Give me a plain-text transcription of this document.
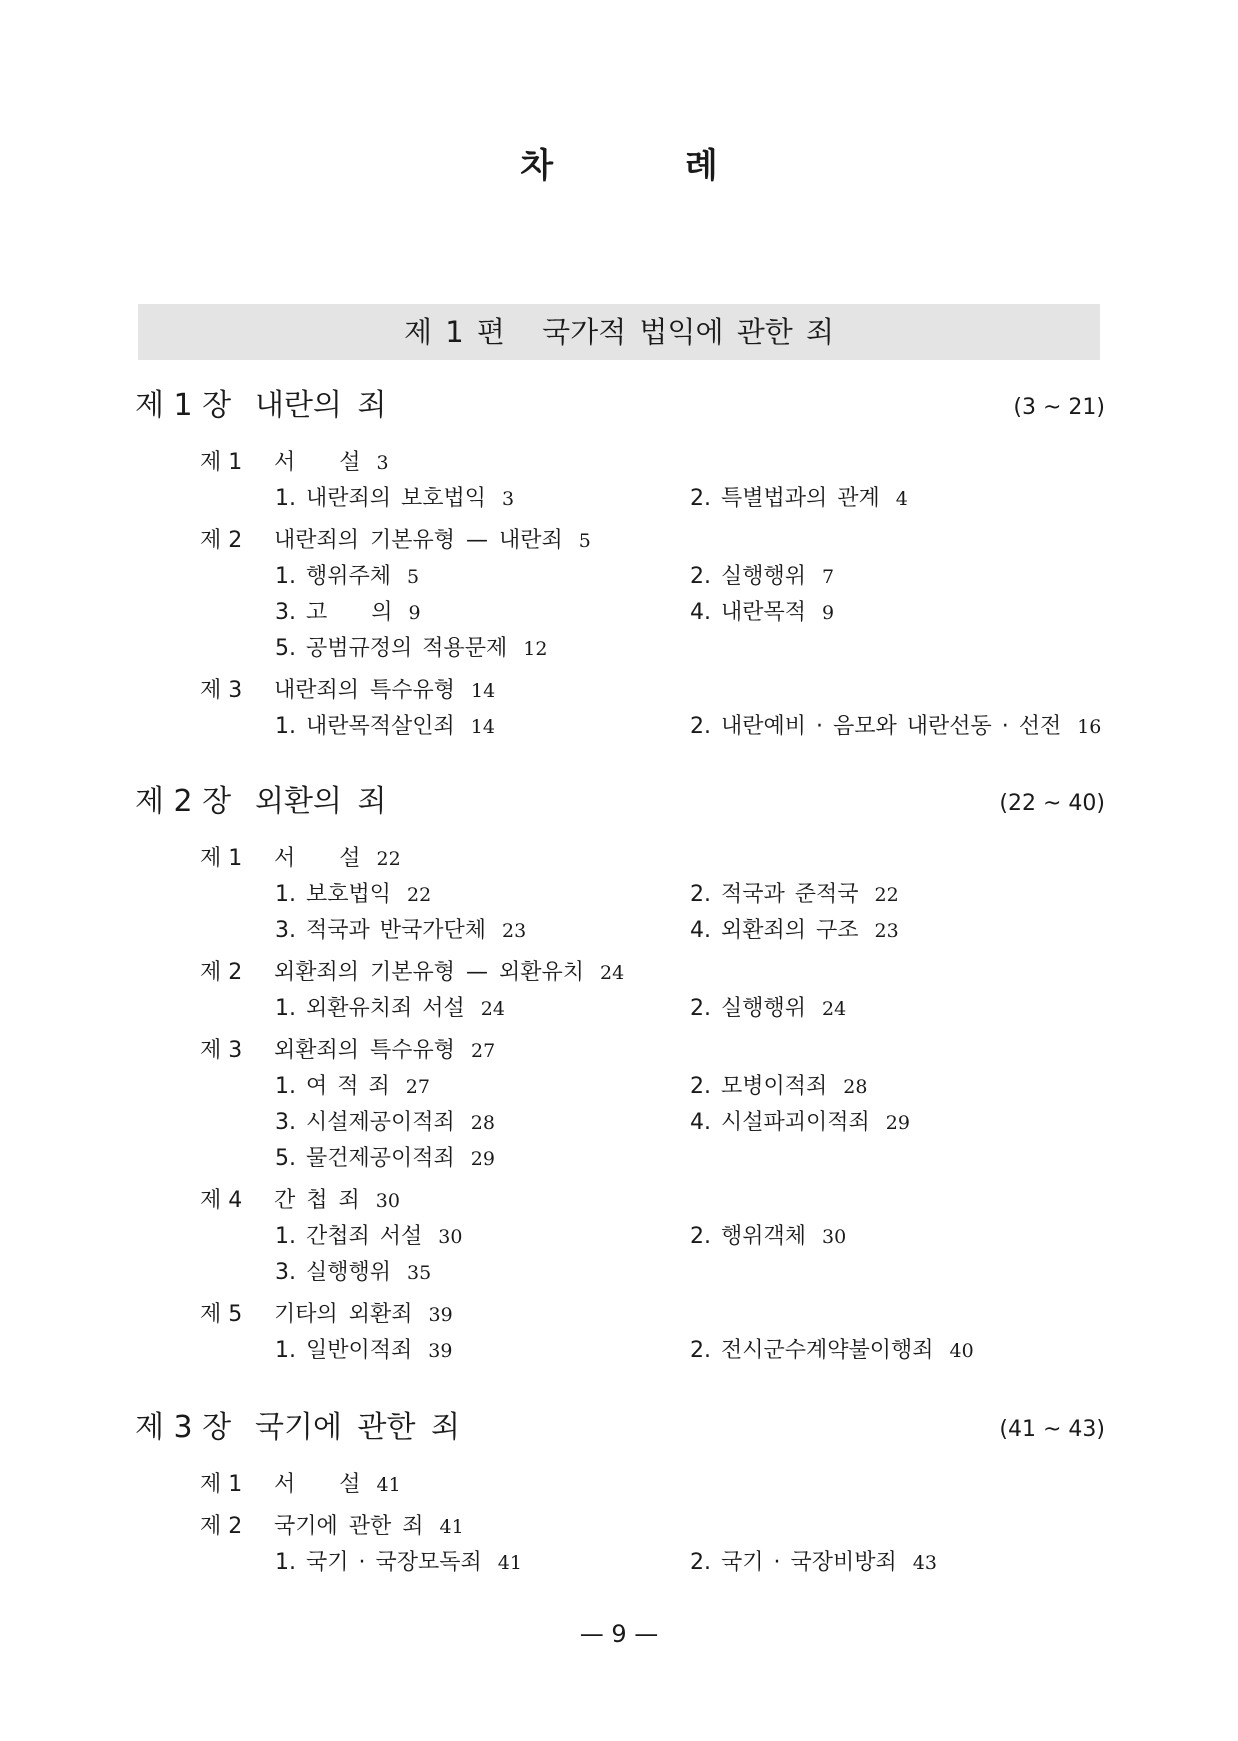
차 례
제 1 편 국가적 법익에 관한 죄
제 1 장 내란의 죄	(3 ~ 21)
제 1	서　　설 3
1. 내란죄의 보호법익 3	2. 특별법과의 관계 4
제 2	내란죄의 기본유형 — 내란죄 5
1. 행위주체 5	2. 실행행위 7
3. 고　　의 9	4. 내란목적 9
5. 공범규정의 적용문제 12
제 3	내란죄의 특수유형 14
1. 내란목적살인죄 14	2. 내란예비 · 음모와 내란선동 · 선전 16
제 2 장 외환의 죄	(22 ~ 40)
제 1	서　　설 22
1. 보호법익 22	2. 적국과 준적국 22
3. 적국과 반국가단체 23	4. 외환죄의 구조 23
제 2	외환죄의 기본유형 — 외환유치 24
1. 외환유치죄 서설 24	2. 실행행위 24
제 3	외환죄의 특수유형 27
1. 여 적 죄 27	2. 모병이적죄 28
3. 시설제공이적죄 28	4. 시설파괴이적죄 29
5. 물건제공이적죄 29
제 4	간 첩 죄 30
1. 간첩죄 서설 30	2. 행위객체 30
3. 실행행위 35
제 5	기타의 외환죄 39
1. 일반이적죄 39	2. 전시군수계약불이행죄 40
제 3 장 국기에 관한 죄	(41 ~ 43)
제 1	서　　설 41
제 2	국기에 관한 죄 41
1. 국기 · 국장모독죄 41	2. 국기 · 국장비방죄 43
— 9 —
